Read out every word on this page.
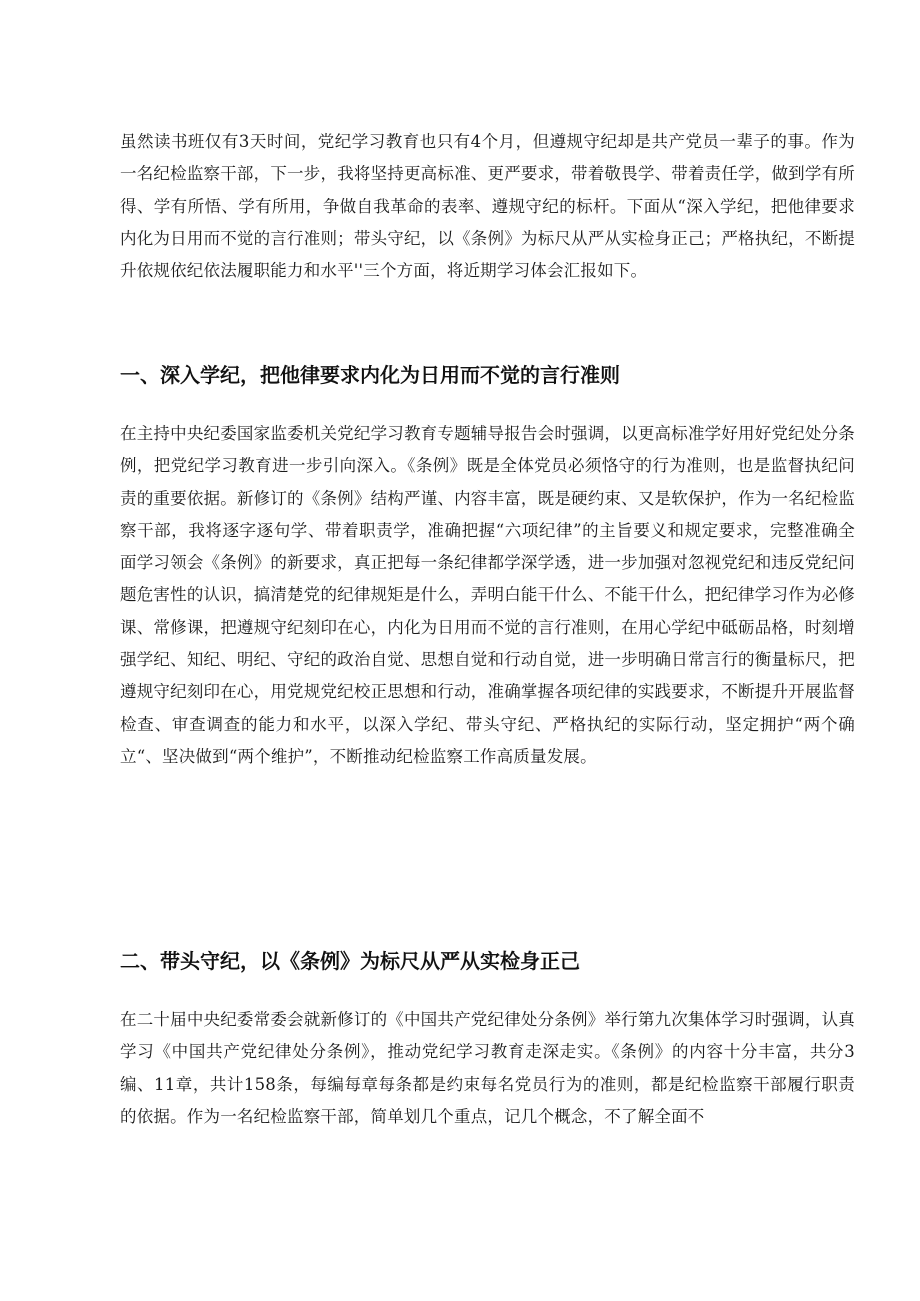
虽然读书班仅有3天时间，党纪学习教育也只有4个月，但遵规守纪却是共产党员一辈子的事。作为一名纪检监察干部，下一步，我将坚持更高标准、更严要求，带着敬畏学、带着责任学，做到学有所得、学有所悟、学有所用，争做自我革命的表率、遵规守纪的标杆。下面从“深入学纪，把他律要求内化为日用而不觉的言行准则；带头守纪，以《条例》为标尺从严从实检身正己；严格执纪，不断提升依规依纪依法履职能力和水平''三个方面，将近期学习体会汇报如下。

一、深入学纪，把他律要求内化为日用而不觉的言行准则

在主持中央纪委国家监委机关党纪学习教育专题辅导报告会时强调，以更高标准学好用好党纪处分条例，把党纪学习教育进一步引向深入。《条例》既是全体党员必须恪守的行为准则，也是监督执纪问责的重要依据。新修订的《条例》结构严谨、内容丰富，既是硬约束、又是软保护，作为一名纪检监察干部，我将逐字逐句学、带着职责学，准确把握“六项纪律”的主旨要义和规定要求，完整准确全面学习领会《条例》的新要求，真正把每一条纪律都学深学透，进一步加强对忽视党纪和违反党纪问题危害性的认识，搞清楚党的纪律规矩是什么，弄明白能干什么、不能干什么，把纪律学习作为必修课、常修课，把遵规守纪刻印在心，内化为日用而不觉的言行准则，在用心学纪中砥砺品格，时刻增强学纪、知纪、明纪、守纪的政治自觉、思想自觉和行动自觉，进一步明确日常言行的衡量标尺，把遵规守纪刻印在心，用党规党纪校正思想和行动，准确掌握各项纪律的实践要求，不断提升开展监督检查、审查调查的能力和水平，以深入学纪、带头守纪、严格执纪的实际行动，坚定拥护“两个确立“、坚决做到“两个维护”，不断推动纪检监察工作高质量发展。

二、带头守纪，以《条例》为标尺从严从实检身正己

在二十届中央纪委常委会就新修订的《中国共产党纪律处分条例》举行第九次集体学习时强调，认真学习《中国共产党纪律处分条例》，推动党纪学习教育走深走实。《条例》的内容十分丰富，共分3编、11章，共计158条，每编每章每条都是约束每名党员行为的准则，都是纪检监察干部履行职责的依据。作为一名纪检监察干部，简单划几个重点，记几个概念，不了解全面不
